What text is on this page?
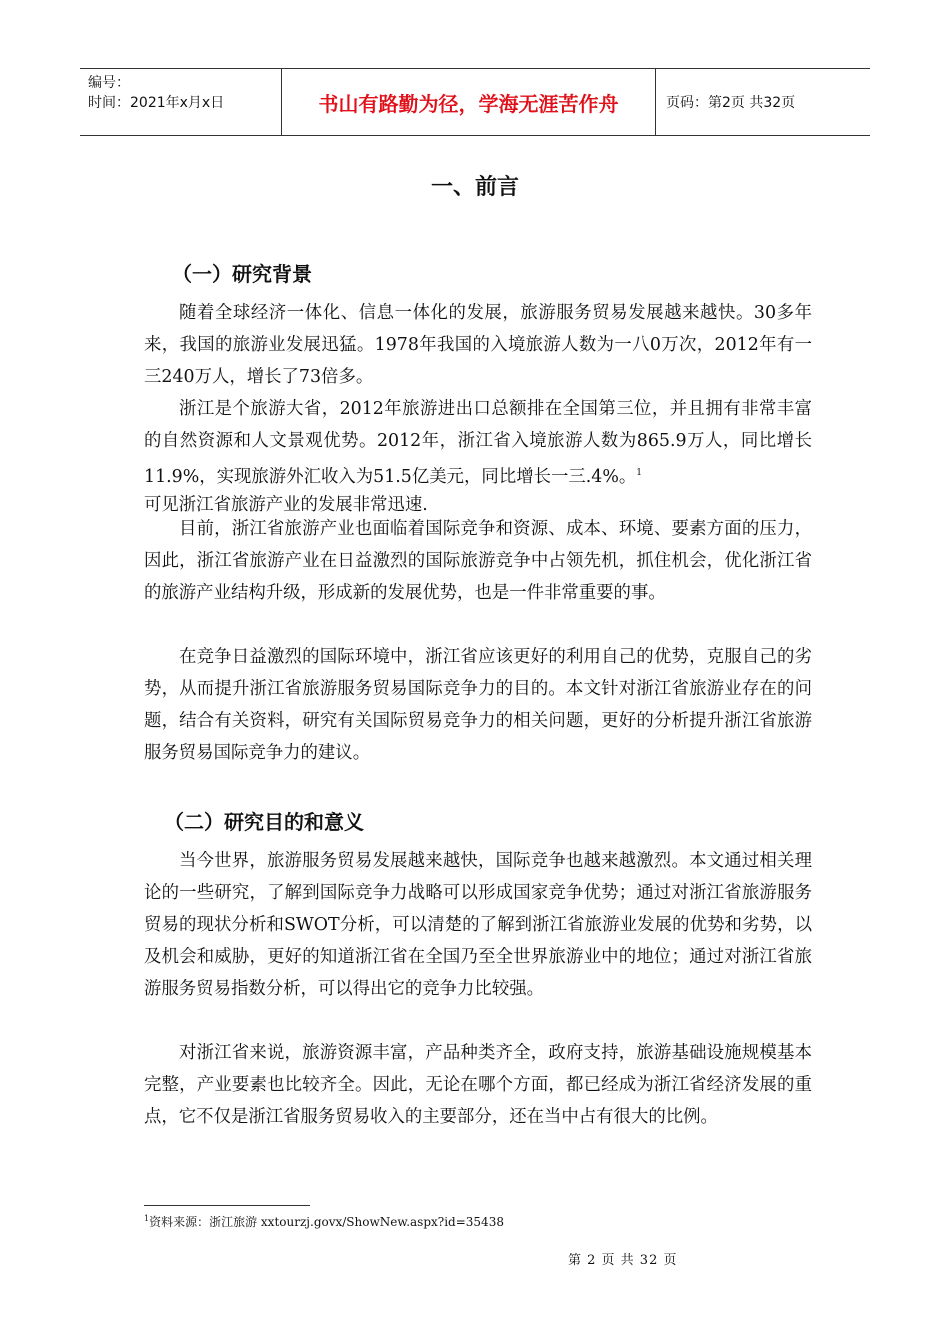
编号：
时间：2021年x月x日	书山有路勤为径，学海无涯苦作舟	页码：第2页 共32页
一、前言
（一）研究背景

随着全球经济一体化、信息一体化的发展，旅游服务贸易发展越来越快。30多年来，我国的旅游业发展迅猛。1978年我国的入境旅游人数为一八0万次，2012年有一三240万人，增长了73倍多。

浙江是个旅游大省，2012年旅游进出口总额排在全国第三位，并且拥有非常丰富的自然资源和人文景观优势。2012年，浙江省入境旅游人数为865.9万人，同比增长11.9%，实现旅游外汇收入为51.5亿美元，同比增长一三.4%。$^1$

可见浙江省旅游产业的发展非常迅速.

目前，浙江省旅游产业也面临着国际竞争和资源、成本、环境、要素方面的压力，因此，浙江省旅游产业在日益激烈的国际旅游竞争中占领先机，抓住机会，优化浙江省的旅游产业结构升级，形成新的发展优势，也是一件非常重要的事。

在竞争日益激烈的国际环境中，浙江省应该更好的利用自己的优势，克服自己的劣势，从而提升浙江省旅游服务贸易国际竞争力的目的。本文针对浙江省旅游业存在的问题，结合有关资料，研究有关国际贸易竞争力的相关问题，更好的分析提升浙江省旅游服务贸易国际竞争力的建议。

（二）研究目的和意义

当今世界，旅游服务贸易发展越来越快，国际竞争也越来越激烈。本文通过相关理论的一些研究，了解到国际竞争力战略可以形成国家竞争优势；通过对浙江省旅游服务贸易的现状分析和SWOT分析，可以清楚的了解到浙江省旅游业发展的优势和劣势，以及机会和威胁，更好的知道浙江省在全国乃至全世界旅游业中的地位；通过对浙江省旅游服务贸易指数分析，可以得出它的竞争力比较强。

对浙江省来说，旅游资源丰富，产品种类齐全，政府支持，旅游基础设施规模基本完整，产业要素也比较齐全。因此，无论在哪个方面，都已经成为浙江省经济发展的重点，它不仅是浙江省服务贸易收入的主要部分，还在当中占有很大的比例。

$^1$资料来源：浙江旅游 xxtourzj.govx/ShowNew.aspx?id=35438
第 2 页 共 32 页
